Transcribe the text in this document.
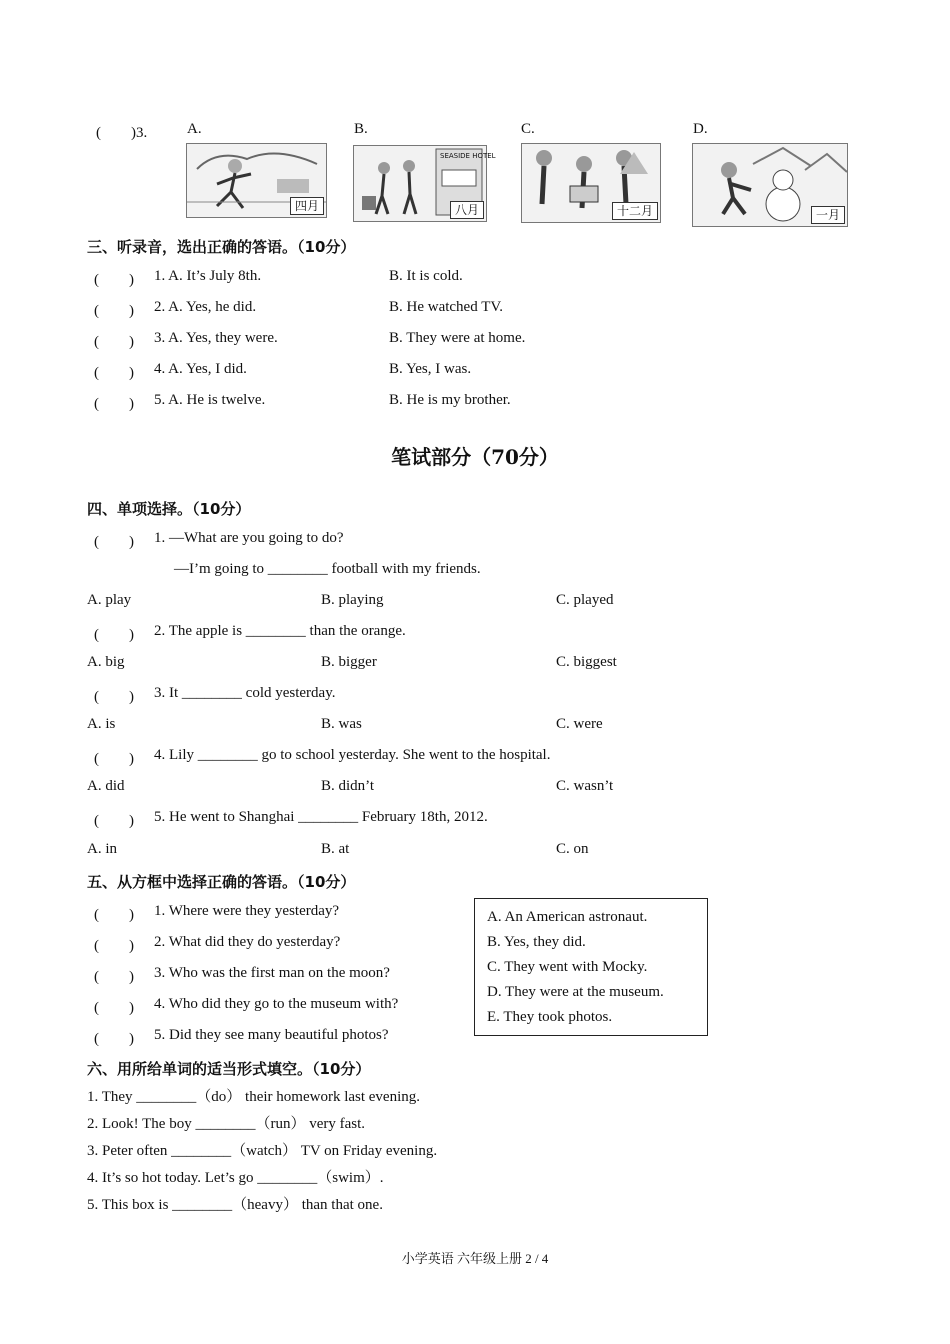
(　　)3.	A.
四月
B.
SEASIDE HOTEL
八月
C.
十二月
D.
一月
三、听录音，选出正确的答语。（10分）
(　　) 1. A. It’s July 8th.	B. It is cold.
(　　) 2. A. Yes, he did.	B. He watched TV.
(　　) 3. A. Yes, they were.	B. They were at home.
(　　) 4. A. Yes, I did.	B. Yes, I was.
(　　) 5. A. He is twelve.	B. He is my brother.
笔试部分（70分）
四、单项选择。（10分）
(　　) 1. —What are you going to do?
—I’m going to ________ football with my friends.
A. play	B. playing	C. played
(　　) 2. The apple is ________ than the orange.
A. big	B. bigger	C. biggest
(　　) 3. It ________ cold yesterday.
A. is	B. was	C. were
(　　) 4. Lily ________ go to school yesterday. She went to the hospital.
A. did	B. didn’t	C. wasn’t
(　　) 5. He went to Shanghai ________ February 18th, 2012.
A. in	B. at	C. on
五、从方框中选择正确的答语。（10分）
(　　) 1. Where were they yesterday?
(　　) 2. What did they do yesterday?
(　　) 3. Who was the first man on the moon?
(　　) 4. Who did they go to the museum with?
(　　) 5. Did they see many beautiful photos?
A. An American astronaut.
B. Yes, they did.
C. They went with Mocky.
D. They were at the museum.
E. They took photos.
六、用所给单词的适当形式填空。（10分）
1. They ________（do） their homework last evening.
2. Look! The boy ________（run） very fast.
3. Peter often ________（watch） TV on Friday evening.
4. It’s so hot today. Let’s go ________（swim）.
5. This box is ________（heavy） than that one.
小学英语 六年级上册 2 / 4
